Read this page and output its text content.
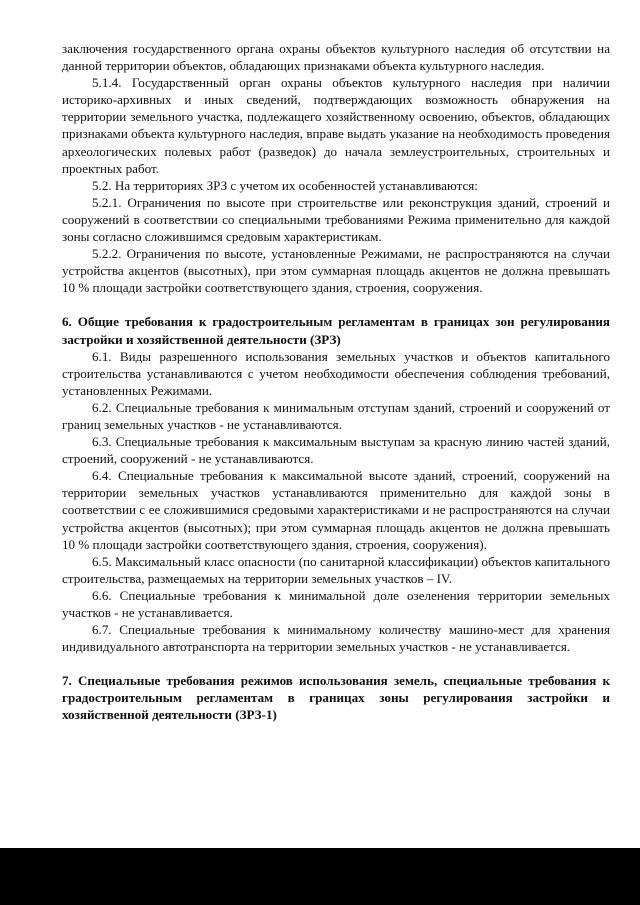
заключения государственного органа охраны объектов культурного наследия об отсутствии на данной территории объектов, обладающих признаками объекта культурного наследия.

5.1.4. Государственный орган охраны объектов культурного наследия при наличии историко-архивных и иных сведений, подтверждающих возможность обнаружения на территории земельного участка, подлежащего хозяйственному освоению, объектов, обладающих признаками объекта культурного наследия, вправе выдать указание на необходимость проведения археологических полевых работ (разведок) до начала землеустроительных, строительных и проектных работ.

5.2. На территориях ЗРЗ с учетом их особенностей устанавливаются:

5.2.1. Ограничения по высоте при строительстве или реконструкция зданий, строений и сооружений в соответствии со специальными требованиями Режима применительно для каждой зоны согласно сложившимся средовым характеристикам.

5.2.2. Ограничения по высоте, установленные Режимами, не распространяются на случаи устройства акцентов (высотных), при этом суммарная площадь акцентов не должна превышать 10 % площади застройки соответствующего здания, строения, сооружения.

6. Общие требования к градостроительным регламентам в границах зон регулирования застройки и хозяйственной деятельности (ЗРЗ)

6.1. Виды разрешенного использования земельных участков и объектов капитального строительства устанавливаются с учетом необходимости обеспечения соблюдения требований, установленных Режимами.

6.2. Специальные требования к минимальным отступам зданий, строений и сооружений от границ земельных участков - не устанавливаются.

6.3. Специальные требования к максимальным выступам за красную линию частей зданий, строений, сооружений - не устанавливаются.

6.4. Специальные требования к максимальной высоте зданий, строений, сооружений на территории земельных участков устанавливаются применительно для каждой зоны в соответствии с ее сложившимися средовыми характеристиками и не распространяются на случаи устройства акцентов (высотных); при этом суммарная площадь акцентов не должна превышать 10 % площади застройки соответствующего здания, строения, сооружения).

6.5. Максимальный класс опасности (по санитарной классификации) объектов капитального строительства, размещаемых на территории земельных участков – IV.

6.6. Специальные требования к минимальной доле озеленения территории земельных участков - не устанавливается.

6.7. Специальные требования к минимальному количеству машино-мест для хранения индивидуального автотранспорта на территории земельных участков - не устанавливается.

7. Специальные требования режимов использования земель, специальные требования к градостроительным регламентам в границах зоны регулирования застройки и хозяйственной деятельности (ЗРЗ-1)
